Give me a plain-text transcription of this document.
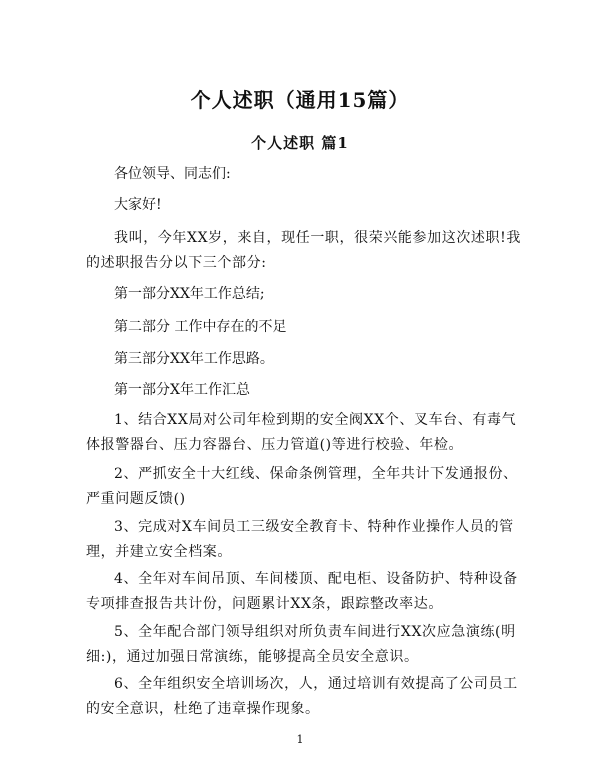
个人述职（通用15篇）
个人述职 篇1
各位领导、同志们:
大家好!
我叫，今年XX岁，来自，现任一职，很荣兴能参加这次述职!我的述职报告分以下三个部分:
第一部分XX年工作总结;
第二部分 工作中存在的不足
第三部分XX年工作思路。
第一部分X年工作汇总
1、结合XX局对公司年检到期的安全阀XX个、叉车台、有毒气体报警器台、压力容器台、压力管道()等进行校验、年检。
2、严抓安全十大红线、保命条例管理，全年共计下发通报份、严重问题反馈()
3、完成对X车间员工三级安全教育卡、特种作业操作人员的管理，并建立安全档案。
4、全年对车间吊顶、车间楼顶、配电柜、设备防护、特种设备专项排查报告共计份，问题累计XX条，跟踪整改率达。
5、全年配合部门领导组织对所负责车间进行XX次应急演练(明细:)，通过加强日常演练，能够提高全员安全意识。
6、全年组织安全培训场次，人，通过培训有效提高了公司员工的安全意识，杜绝了违章操作现象。
1
